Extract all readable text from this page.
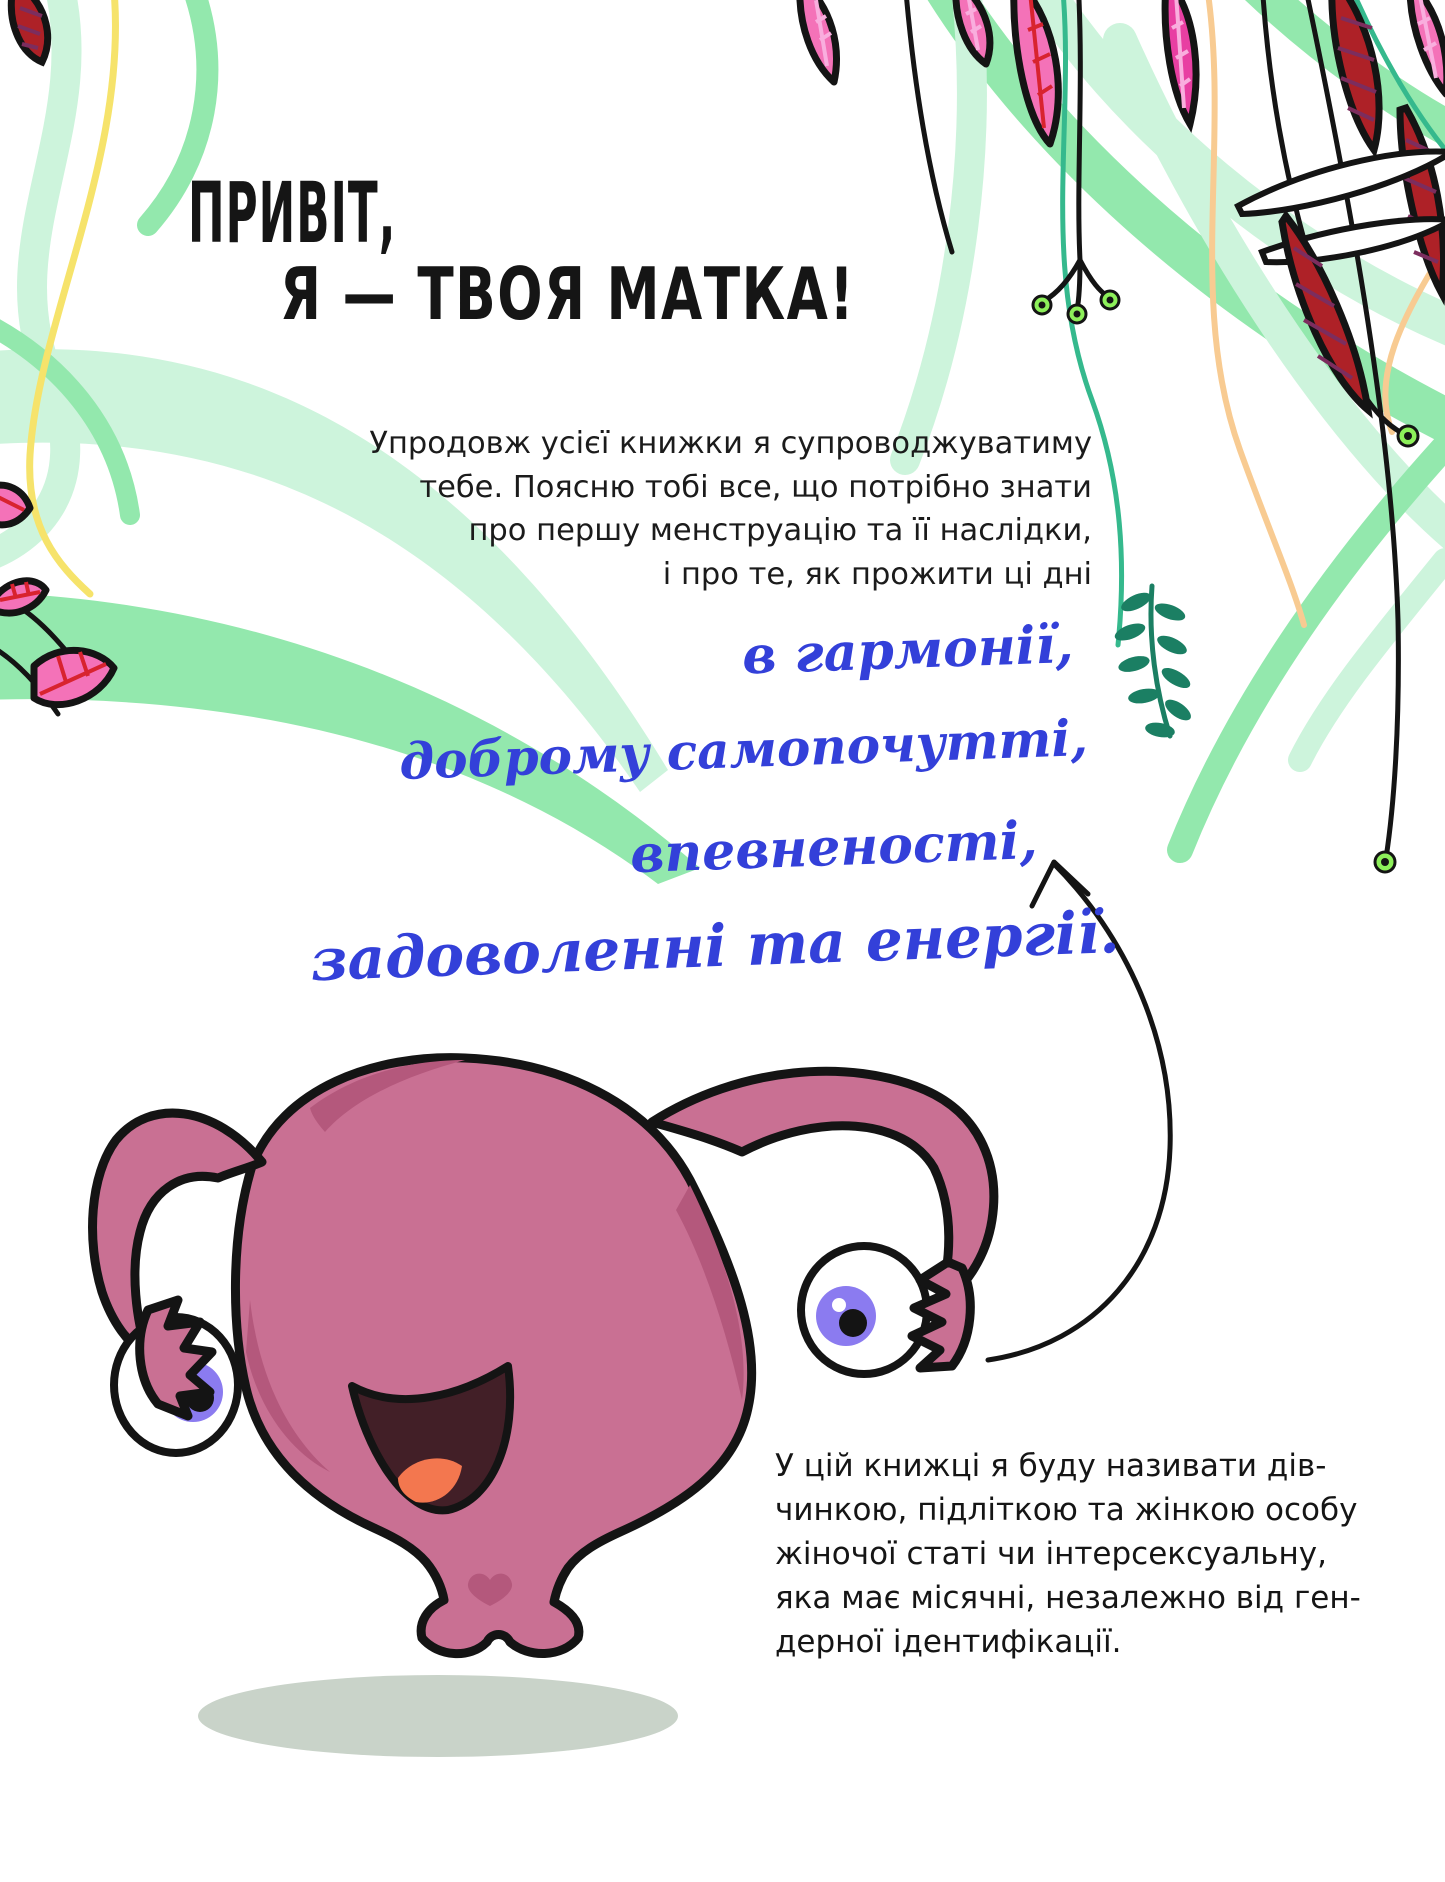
ПРИВІТ,
Я — ТВОЯ МАТКА!
Упродовж усієї книжки я супроводжуватиму
тебе. Поясню тобі все, що потрібно знати
про першу менструацію та її наслідки,
і про те, як прожити ці дні
в гармонії,
доброму самопочутті,
впевненості,
задоволенні та енергії.
У цій книжці я буду називати дів-
чинкою, підліткою та жінкою особу
жіночої статі чи інтерсексуальну,
яка має місячні, незалежно від ген-
дерної ідентифікації.
